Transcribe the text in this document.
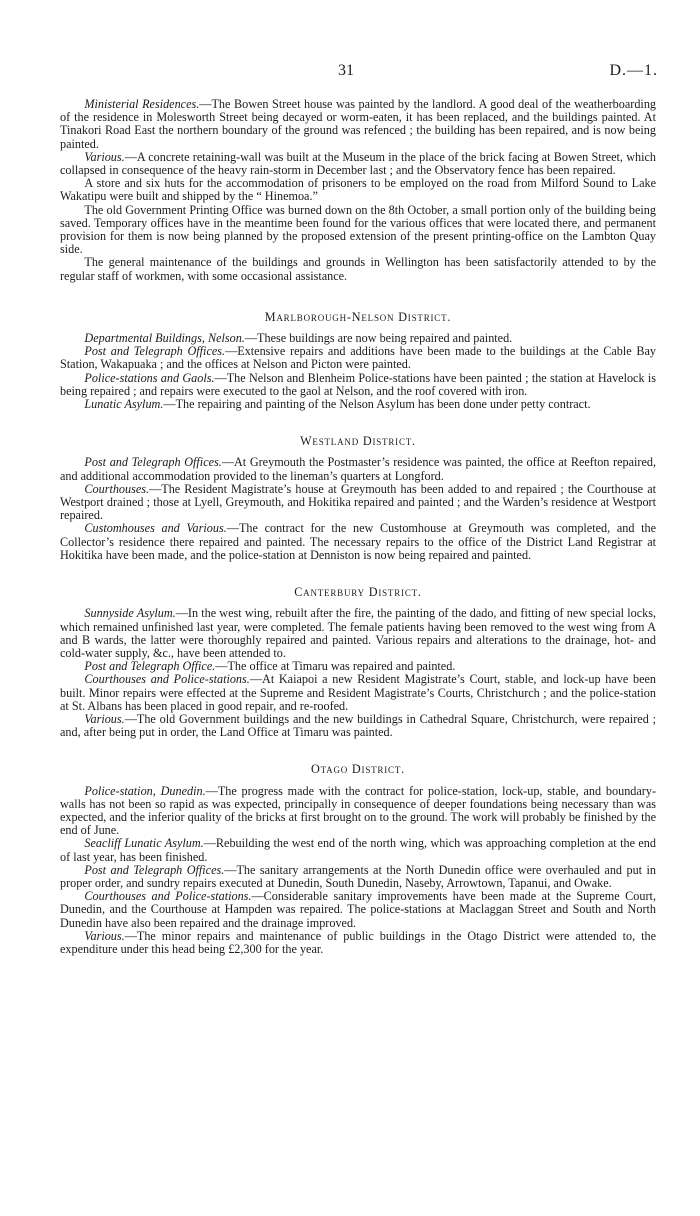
31	D.—1.

Ministerial Residences.—The Bowen Street house was painted by the landlord. A good deal of the weatherboarding of the residence in Molesworth Street being decayed or worm-eaten, it has been replaced, and the buildings painted. At Tinakori Road East the northern boundary of the ground was refenced ; the building has been repaired, and is now being painted.

Various.—A concrete retaining-wall was built at the Museum in the place of the brick facing at Bowen Street, which collapsed in consequence of the heavy rain-storm in December last ; and the Observatory fence has been repaired.

A store and six huts for the accommodation of prisoners to be employed on the road from Milford Sound to Lake Wakatipu were built and shipped by the “ Hinemoa.”

The old Government Printing Office was burned down on the 8th October, a small portion only of the building being saved. Temporary offices have in the meantime been found for the various offices that were located there, and permanent provision for them is now being planned by the proposed extension of the present printing-office on the Lambton Quay side.

The general maintenance of the buildings and grounds in Wellington has been satisfactorily attended to by the regular staff of workmen, with some occasional assistance.

Marlborough-Nelson District.

Departmental Buildings, Nelson.—These buildings are now being repaired and painted.

Post and Telegraph Offices.—Extensive repairs and additions have been made to the buildings at the Cable Bay Station, Wakapuaka ; and the offices at Nelson and Picton were painted.

Police-stations and Gaols.—The Nelson and Blenheim Police-stations have been painted ; the station at Havelock is being repaired ; and repairs were executed to the gaol at Nelson, and the roof covered with iron.

Lunatic Asylum.—The repairing and painting of the Nelson Asylum has been done under petty contract.

Westland District.

Post and Telegraph Offices.—At Greymouth the Postmaster’s residence was painted, the office at Reefton repaired, and additional accommodation provided to the lineman’s quarters at Longford.

Courthouses.—The Resident Magistrate’s house at Greymouth has been added to and repaired ; the Courthouse at Westport drained ; those at Lyell, Greymouth, and Hokitika repaired and painted ; and the Warden’s residence at Westport repaired.

Customhouses and Various.—The contract for the new Customhouse at Greymouth was completed, and the Collector’s residence there repaired and painted. The necessary repairs to the office of the District Land Registrar at Hokitika have been made, and the police-station at Denniston is now being repaired and painted.

Canterbury District.

Sunnyside Asylum.—In the west wing, rebuilt after the fire, the painting of the dado, and fitting of new special locks, which remained unfinished last year, were completed. The female patients having been removed to the west wing from A and B wards, the latter were thoroughly repaired and painted. Various repairs and alterations to the drainage, hot- and cold-water supply, &c., have been attended to.

Post and Telegraph Office.—The office at Timaru was repaired and painted.

Courthouses and Police-stations.—At Kaiapoi a new Resident Magistrate’s Court, stable, and lock-up have been built. Minor repairs were effected at the Supreme and Resident Magistrate’s Courts, Christchurch ; and the police-station at St. Albans has been placed in good repair, and re-roofed.

Various.—The old Government buildings and the new buildings in Cathedral Square, Christchurch, were repaired ; and, after being put in order, the Land Office at Timaru was painted.

Otago District.

Police-station, Dunedin.—The progress made with the contract for police-station, lock-up, stable, and boundary-walls has not been so rapid as was expected, principally in consequence of deeper foundations being necessary than was expected, and the inferior quality of the bricks at first brought on to the ground. The work will probably be finished by the end of June.

Seacliff Lunatic Asylum.—Rebuilding the west end of the north wing, which was approaching completion at the end of last year, has been finished.

Post and Telegraph Offices.—The sanitary arrangements at the North Dunedin office were overhauled and put in proper order, and sundry repairs executed at Dunedin, South Dunedin, Naseby, Arrowtown, Tapanui, and Owake.

Courthouses and Police-stations.—Considerable sanitary improvements have been made at the Supreme Court, Dunedin, and the Courthouse at Hampden was repaired. The police-stations at Maclaggan Street and South and North Dunedin have also been repaired and the drainage improved.

Various.—The minor repairs and maintenance of public buildings in the Otago District were attended to, the expenditure under this head being £2,300 for the year.
